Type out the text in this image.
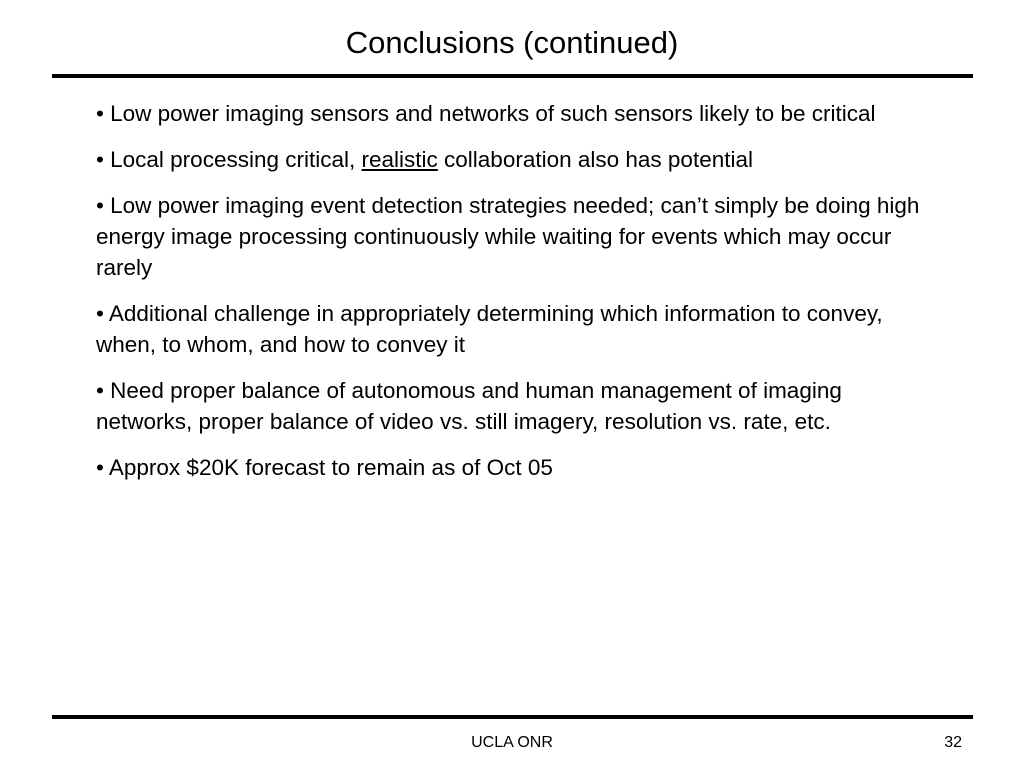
Conclusions (continued)
• Low power imaging sensors and networks of such sensors likely to be critical
• Local processing critical, realistic collaboration also has potential
• Low power imaging event detection strategies needed; can’t simply be doing high energy image processing continuously while waiting for events which may occur rarely
• Additional challenge in appropriately determining which information to convey, when, to whom, and how to convey it
• Need proper balance of autonomous and human management of imaging networks, proper balance of video vs. still imagery, resolution vs. rate, etc.
• Approx $20K forecast to remain as of Oct 05
UCLA ONR	32
